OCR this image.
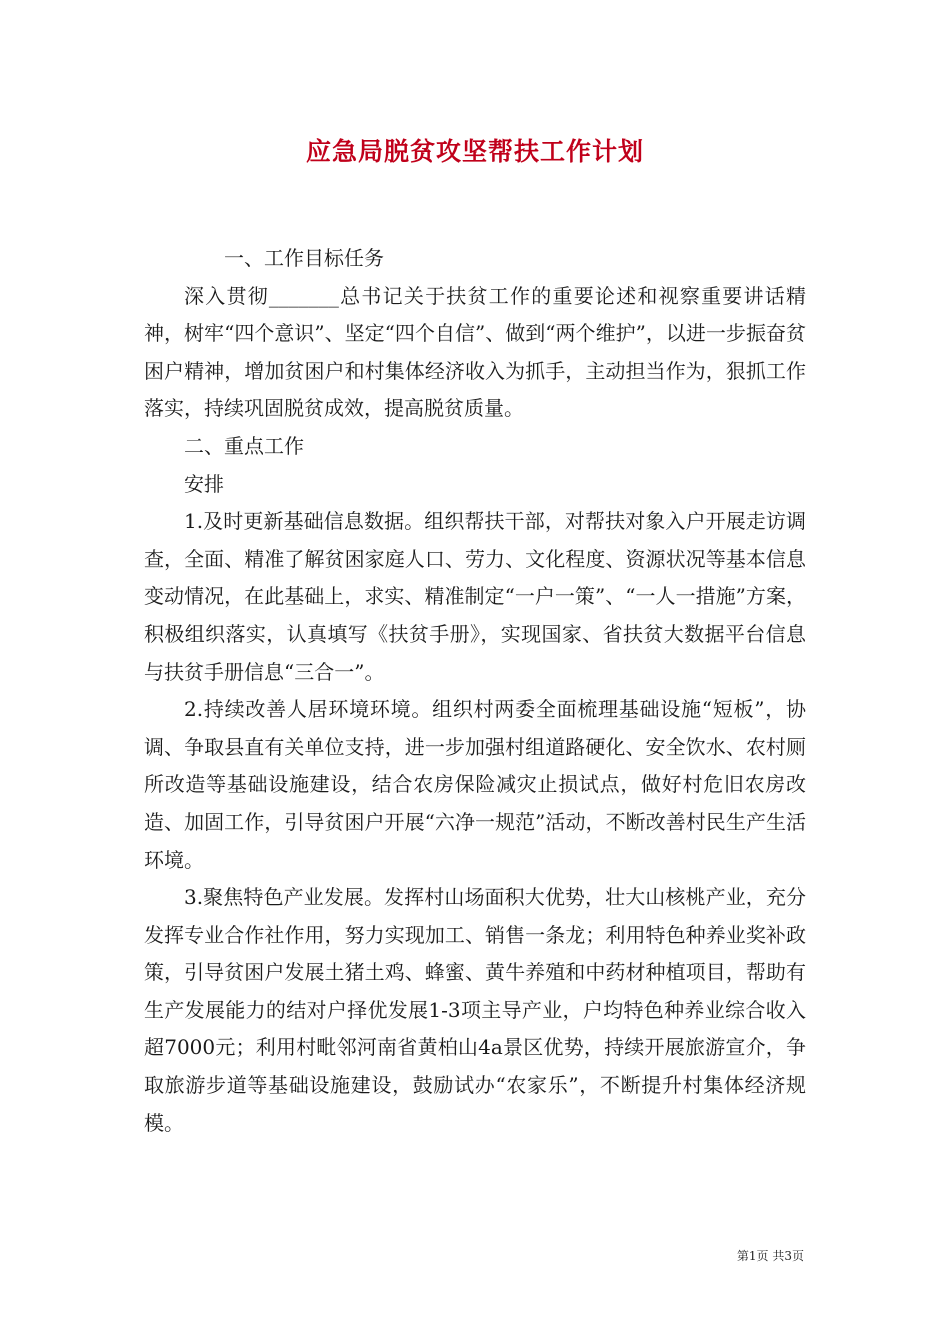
应急局脱贫攻坚帮扶工作计划

一、工作目标任务

深入贯彻_______总书记关于扶贫工作的重要论述和视察重要讲话精神，树牢“四个意识”、坚定“四个自信”、做到“两个维护”，以进一步振奋贫困户精神，增加贫困户和村集体经济收入为抓手，主动担当作为，狠抓工作落实，持续巩固脱贫成效，提高脱贫质量。

二、重点工作

安排

1.及时更新基础信息数据。组织帮扶干部，对帮扶对象入户开展走访调查，全面、精准了解贫困家庭人口、劳力、文化程度、资源状况等基本信息变动情况，在此基础上，求实、精准制定“一户一策”、“一人一措施”方案，积极组织落实，认真填写《扶贫手册》，实现国家、省扶贫大数据平台信息与扶贫手册信息“三合一”。

2.持续改善人居环境环境。组织村两委全面梳理基础设施“短板”，协调、争取县直有关单位支持，进一步加强村组道路硬化、安全饮水、农村厕所改造等基础设施建设，结合农房保险减灾止损试点，做好村危旧农房改造、加固工作，引导贫困户开展“六净一规范”活动，不断改善村民生产生活环境。

3.聚焦特色产业发展。发挥村山场面积大优势，壮大山核桃产业，充分发挥专业合作社作用，努力实现加工、销售一条龙；利用特色种养业奖补政策，引导贫困户发展土猪土鸡、蜂蜜、黄牛养殖和中药材种植项目，帮助有生产发展能力的结对户择优发展1-3项主导产业，户均特色种养业综合收入超7000元；利用村毗邻河南省黄柏山4a景区优势，持续开展旅游宣介，争取旅游步道等基础设施建设，鼓励试办“农家乐”，不断提升村集体经济规模。

第1页 共3页
